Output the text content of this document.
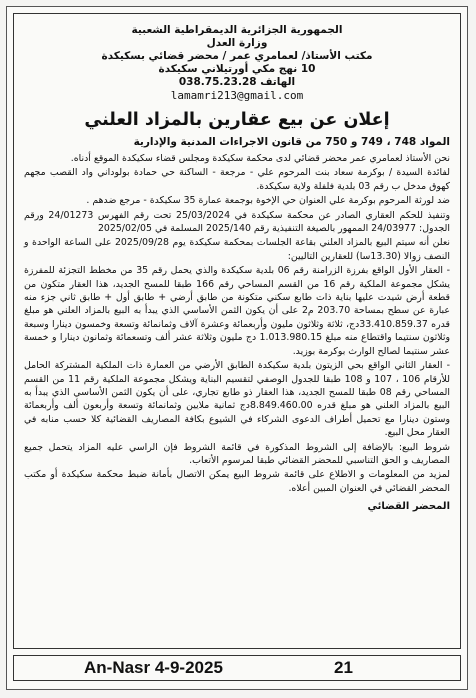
الجمهورية الجزائرية الديمقراطية الشعبية
وزارة العدل
مكتب الأستاذ/ لعمامري عمر / محضر قضائي بسكيكدة
10 نهج مكي أورتيلاني سكيكدة
الهاتف 038.75.23.28
lamamri213@gmail.com
إعلان عن بيع عقارين بالمزاد العلني
المواد 748 ، 749 و 750 من قانون الاجراءات المدنية والإدارية

نحن الأستاذ لعمامري عمر محضر قضائي لدى محكمة سكيكدة ومجلس قضاء سكيكدة الموقع أدناه.

لفائدة السيدة / بوكرمة سعاد بنت المرحوم علي - مرجعة - الساكنة حي حمادة بولوداني واد القصب مجهم كهوق مدخل ب رقم 03 بلدية فلفلة ولاية سكيكدة.

ضد لورثة المرحوم بوكرمة علي العنوان حي الإخوة بوجمعة عمارة 35 سكيكدة - مرجع ضدهم .

وتنفيذ للحكم العقاري الصادر عن محكمة سكيكدة في 25/03/2024 تحت رقم الفهرس 24/01273 ورقم الجدول: 24/03977 الممهور بالصيغة التنفيذية رقم 2025/140 المسلمة في 2025/02/05

نعلن أنه سيتم البيع بالمزاد العلني بقاعة الجلسات بمحكمة سكيكدة يوم 2025/09/28 على الساعة الواحدة و النصف زوالا (13.30سا) للعقارين التاليين:

- العقار الأول الواقع بفرزة الزرامنة رقم 06 بلدية سكيكدة والذي يحمل رقم 35 من مخطط التجزئة للمفرزة يشكل مجموعة الملكية رقم 16 من القسم المساحي رقم 166 طبقا للمسح الجديد، هذا العقار متكون من قطعة أرض شيدت عليها بناية ذات طابع سكني متكونة من طابق أرضي + طابق أول + طابق ثاني جزء منه عبارة عن سطح بمساحة 203.70 م2 على أن يكون الثمن الأساسي الذي يبدأ به البيع بالمزاد العلني هو مبلغ قدره 33.410.859.37دج، ثلاثة وثلاثون مليون وأربعمائة وعشرة آلاف وثمانمائة وتسعة وخمسون دينارا وسبعة وثلاثون سنتيما واقتطاع منه مبلغ 1.013.980.15 دج مليون وثلاثة عشر ألف وتسعمائة وثمانون دينارا و خمسة عشر سنتيما لصالح الوارث بوكرمة بوزيد.

- العقار الثاني الواقع بحي الزيتون بلدية سكيكدة الطابق الأرضي من العمارة ذات الملكية المشتركة الحامل للأرقام 106 ، 107 و 108 طبقا للجدول الوصفي لتقسيم البناية ويشكل مجموعة الملكية رقم 11 من القسم المساحي رقم 08 طبقا للمسح الجديد، هذا العقار ذو طابع تجاري، على أن يكون الثمن الأساسي الذي يبدأ به البيع بالمزاد العلني هو مبلغ قدره 8.849.460.00دج ثمانية ملايين وثمانمائة وتسعة وأربعون ألف وأربعمائة وستون دينارا مع تحميل أطراف الدعوى الشركاء في الشيوع بكافة المصاريف القضائية كلا حسب منابه في العقار محل البيع.

شروط البيع: بالإضافة إلى الشروط المذكورة في قائمة الشروط فإن الراسي عليه المزاد يتحمل جميع المصاريف و الحق التناسبي للمحضر القضائي طبقا لمرسوم الأتعاب.

لمزيد من المعلومات و الاطلاع على قائمة شروط البيع يمكن الاتصال بأمانة ضبط محكمة سكيكدة أو مكتب المحضر القضائي في العنوان المبين أعلاه.

المحضر القضائي
An-Nasr 4-9-2025	21
